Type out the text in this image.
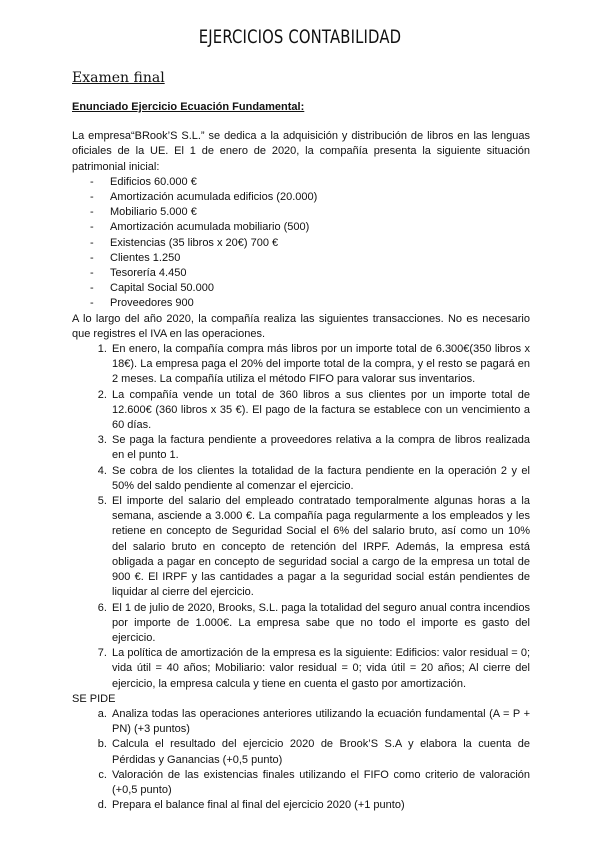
EJERCICIOS CONTABILIDAD
Examen final

Enunciado Ejercicio Ecuación Fundamental:

La empresa“BRook’S S.L.” se dedica a la adquisición y distribución de libros en las lenguas oficiales de la UE. El 1 de enero de 2020, la compañía presenta la siguiente situación patrimonial inicial:

- Edificios 60.000 €
- Amortización acumulada edificios (20.000)
- Mobiliario 5.000 €
- Amortización acumulada mobiliario (500)
- Existencias (35 libros x 20€) 700 €
- Clientes 1.250
- Tesorería 4.450
- Capital Social 50.000
- Proveedores 900

A lo largo del año 2020, la compañía realiza las siguientes transacciones. No es necesario que registres el IVA en las operaciones.

1. En enero, la compañía compra más libros por un importe total de 6.300€(350 libros x 18€). La empresa paga el 20% del importe total de la compra, y el resto se pagará en 2 meses. La compañía utiliza el método FIFO para valorar sus inventarios.
2. La compañía vende un total de 360 libros a sus clientes por un importe total de 12.600€ (360 libros x 35 €). El pago de la factura se establece con un vencimiento a 60 días.
3. Se paga la factura pendiente a proveedores relativa a la compra de libros realizada en el punto 1.
4. Se cobra de los clientes la totalidad de la factura pendiente en la operación 2 y el 50% del saldo pendiente al comenzar el ejercicio.
5. El importe del salario del empleado contratado temporalmente algunas horas a la semana, asciende a 3.000 €. La compañía paga regularmente a los empleados y les retiene en concepto de Seguridad Social el 6% del salario bruto, así como un 10% del salario bruto en concepto de retención del IRPF. Además, la empresa está obligada a pagar en concepto de seguridad social a cargo de la empresa un total de 900 €. El IRPF y las cantidades a pagar a la seguridad social están pendientes de liquidar al cierre del ejercicio.
6. El 1 de julio de 2020, Brooks, S.L. paga la totalidad del seguro anual contra incendios por importe de 1.000€. La empresa sabe que no todo el importe es gasto del ejercicio.
7. La política de amortización de la empresa es la siguiente: Edificios: valor residual = 0; vida útil = 40 años; Mobiliario: valor residual = 0; vida útil = 20 años; Al cierre del ejercicio, la empresa calcula y tiene en cuenta el gasto por amortización.

SE PIDE

a. Analiza todas las operaciones anteriores utilizando la ecuación fundamental (A = P + PN) (+3 puntos)
b. Calcula el resultado del ejercicio 2020 de Brook’S S.A y elabora la cuenta de Pérdidas y Ganancias (+0,5 punto)
c. Valoración de las existencias finales utilizando el FIFO como criterio de valoración (+0,5 punto)
d. Prepara el balance final al final del ejercicio 2020 (+1 punto)
